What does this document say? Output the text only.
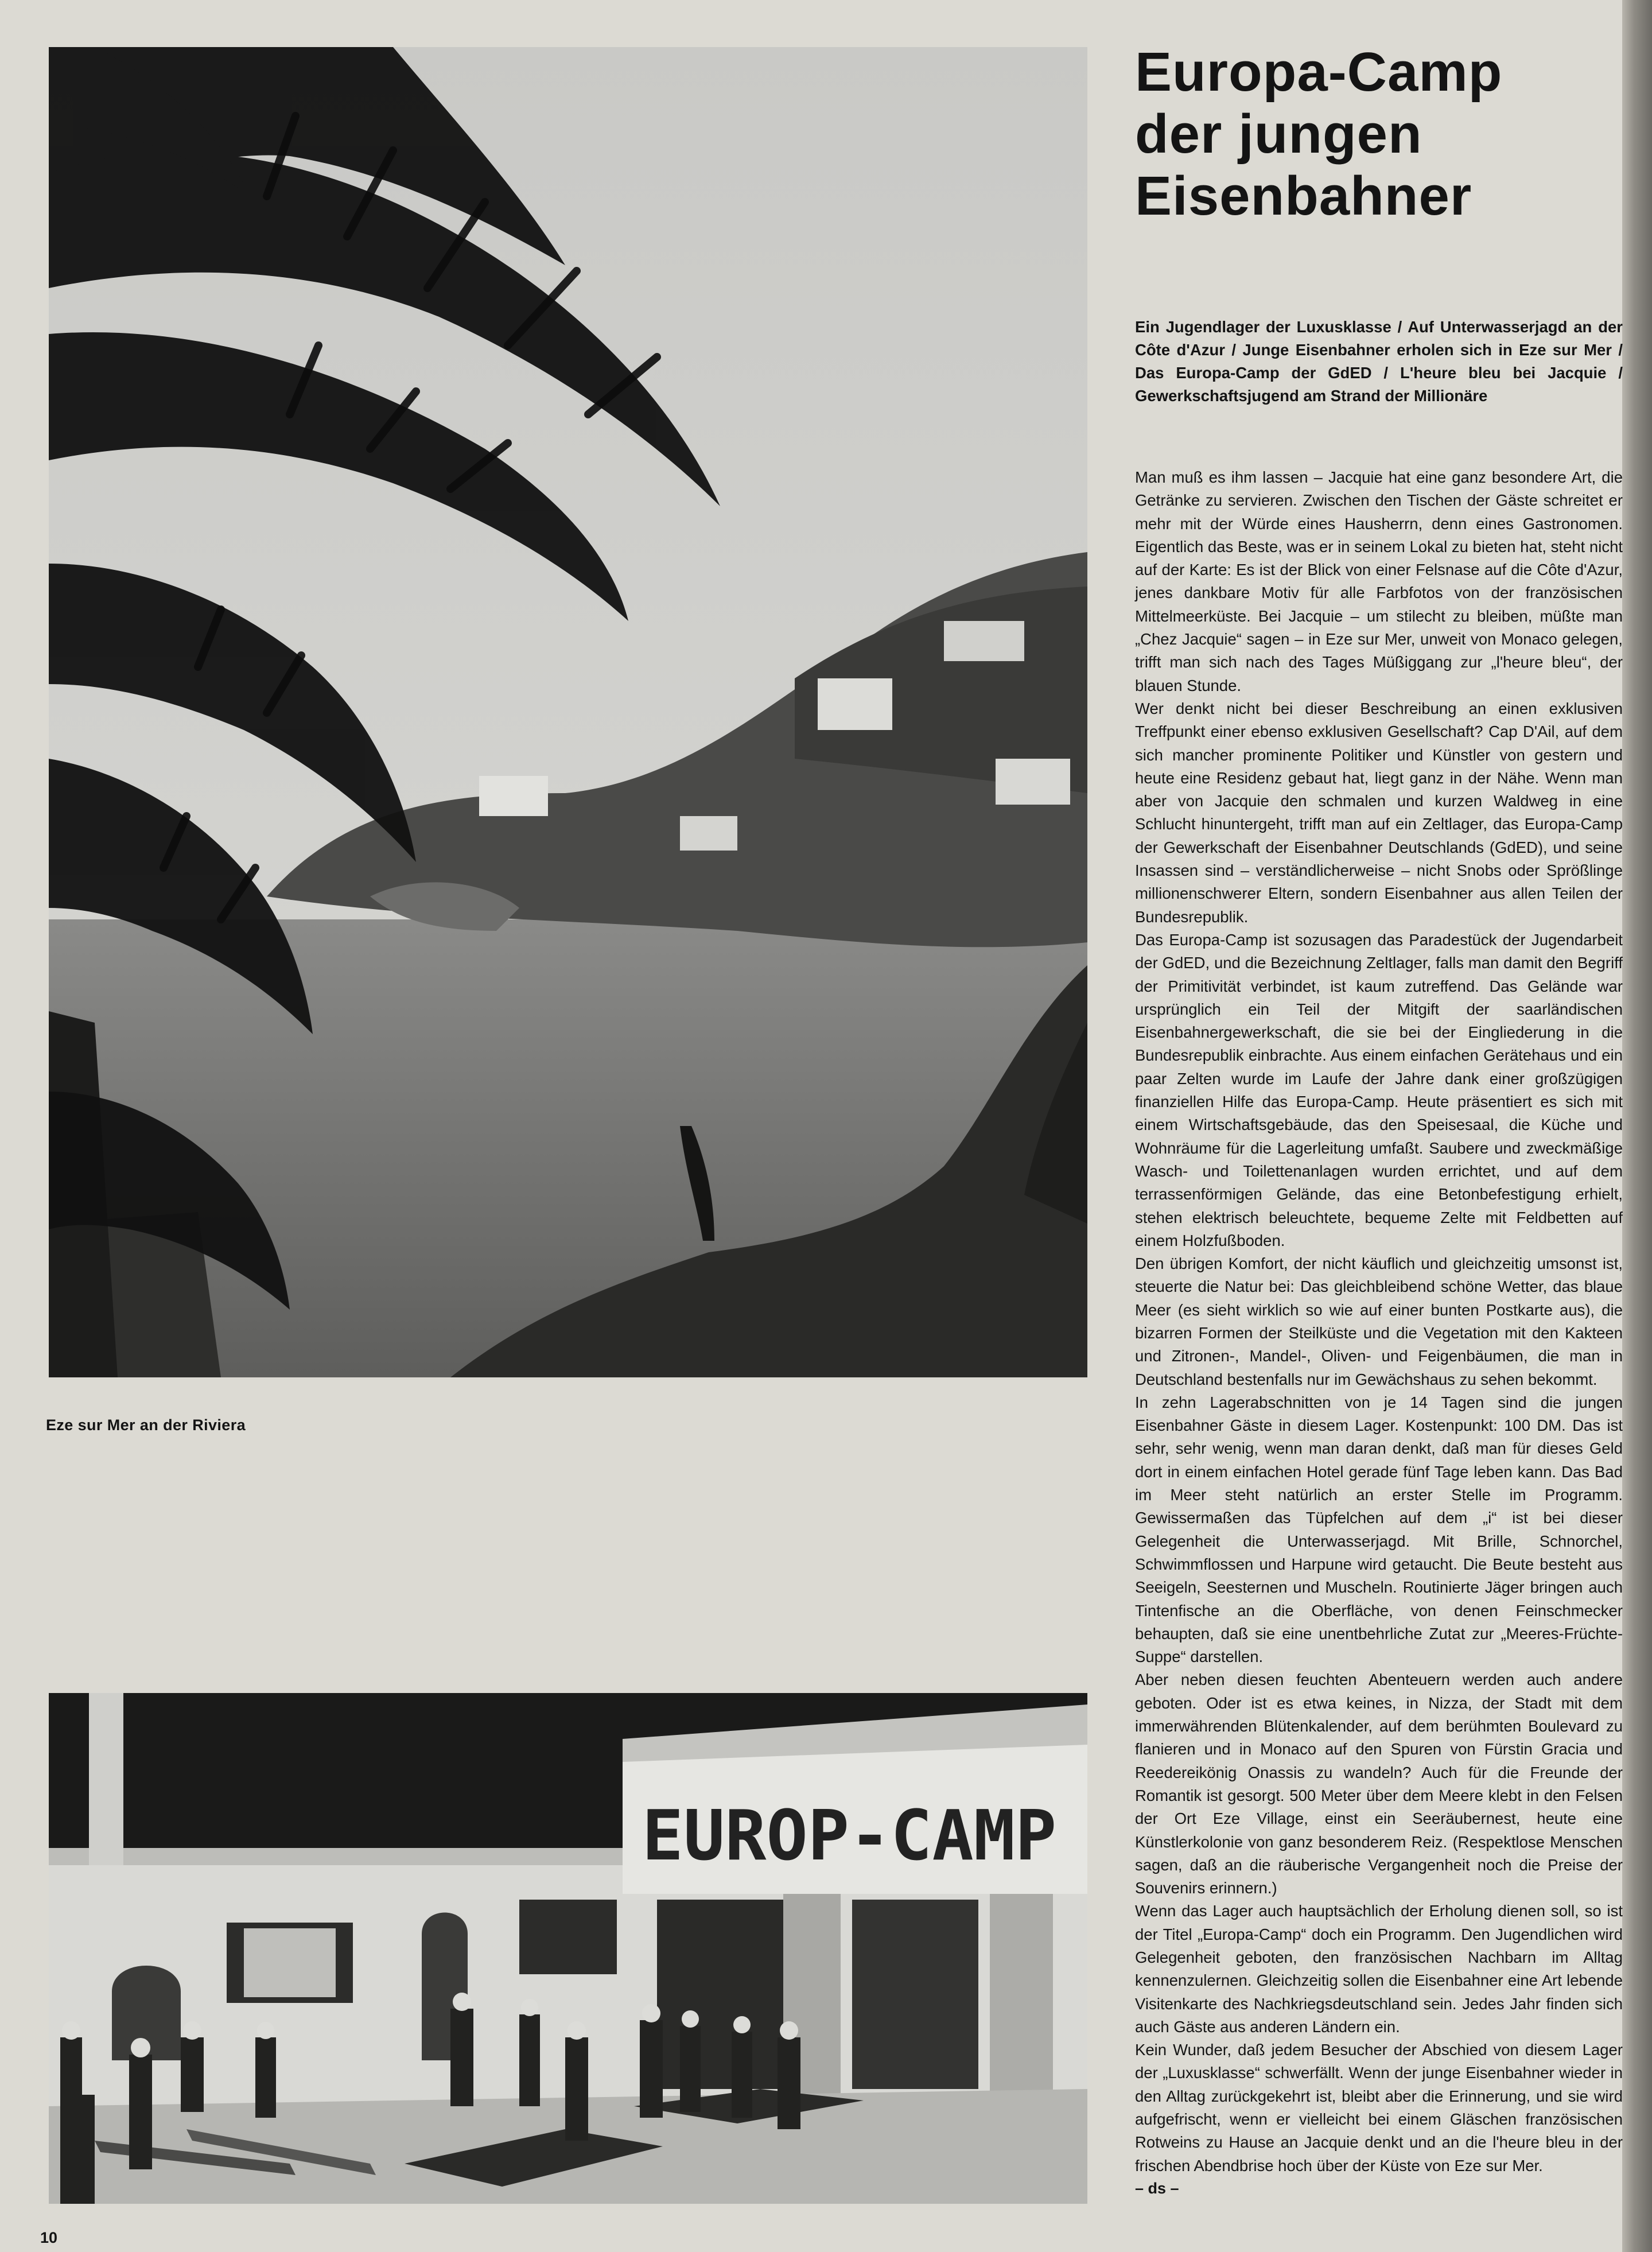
Eze sur Mer an der Riviera
EUROP-CAMP
Europa-Camp der jungen Eisenbahner

Ein Jugendlager der Luxusklasse / Auf Unterwasserjagd an der Côte d'Azur / Junge Eisenbahner erholen sich in Eze sur Mer / Das Europa-Camp der GdED / L'heure bleu bei Jacquie / Gewerkschaftsjugend am Strand der Millionäre

Man muß es ihm lassen – Jacquie hat eine ganz besondere Art, die Getränke zu servieren. Zwischen den Tischen der Gäste schreitet er mehr mit der Würde eines Hausherrn, denn eines Gastronomen. Eigentlich das Beste, was er in seinem Lokal zu bieten hat, steht nicht auf der Karte: Es ist der Blick von einer Felsnase auf die Côte d'Azur, jenes dankbare Motiv für alle Farbfotos von der französischen Mittelmeerküste. Bei Jacquie – um stilecht zu bleiben, müßte man „Chez Jacquie“ sagen – in Eze sur Mer, unweit von Monaco gelegen, trifft man sich nach des Tages Müßiggang zur „l'heure bleu“, der blauen Stunde.

Wer denkt nicht bei dieser Beschreibung an einen exklusiven Treffpunkt einer ebenso exklusiven Gesellschaft? Cap D'Ail, auf dem sich mancher prominente Politiker und Künstler von gestern und heute eine Residenz gebaut hat, liegt ganz in der Nähe. Wenn man aber von Jacquie den schmalen und kurzen Waldweg in eine Schlucht hinuntergeht, trifft man auf ein Zeltlager, das Europa-Camp der Gewerkschaft der Eisenbahner Deutschlands (GdED), und seine Insassen sind – verständlicherweise – nicht Snobs oder Sprößlinge millionenschwerer Eltern, sondern Eisenbahner aus allen Teilen der Bundesrepublik.

Das Europa-Camp ist sozusagen das Paradestück der Jugendarbeit der GdED, und die Bezeichnung Zeltlager, falls man damit den Begriff der Primitivität verbindet, ist kaum zutreffend. Das Gelände war ursprünglich ein Teil der Mitgift der saarländischen Eisenbahnergewerkschaft, die sie bei der Eingliederung in die Bundesrepublik einbrachte. Aus einem einfachen Gerätehaus und ein paar Zelten wurde im Laufe der Jahre dank einer großzügigen finanziellen Hilfe das Europa-Camp. Heute präsentiert es sich mit einem Wirtschaftsgebäude, das den Speisesaal, die Küche und Wohnräume für die Lagerleitung umfaßt. Saubere und zweckmäßige Wasch- und Toilettenanlagen wurden errichtet, und auf dem terrassenförmigen Gelände, das eine Betonbefestigung erhielt, stehen elektrisch beleuchtete, bequeme Zelte mit Feldbetten auf einem Holzfußboden.

Den übrigen Komfort, der nicht käuflich und gleichzeitig umsonst ist, steuerte die Natur bei: Das gleichbleibend schöne Wetter, das blaue Meer (es sieht wirklich so wie auf einer bunten Postkarte aus), die bizarren Formen der Steilküste und die Vegetation mit den Kakteen und Zitronen-, Mandel-, Oliven- und Feigenbäumen, die man in Deutschland bestenfalls nur im Gewächshaus zu sehen bekommt.

In zehn Lagerabschnitten von je 14 Tagen sind die jungen Eisenbahner Gäste in diesem Lager. Kostenpunkt: 100 DM. Das ist sehr, sehr wenig, wenn man daran denkt, daß man für dieses Geld dort in einem einfachen Hotel gerade fünf Tage leben kann. Das Bad im Meer steht natürlich an erster Stelle im Programm. Gewissermaßen das Tüpfelchen auf dem „i“ ist bei dieser Gelegenheit die Unterwasserjagd. Mit Brille, Schnorchel, Schwimmflossen und Harpune wird getaucht. Die Beute besteht aus Seeigeln, Seesternen und Muscheln. Routinierte Jäger bringen auch Tintenfische an die Oberfläche, von denen Feinschmecker behaupten, daß sie eine unentbehrliche Zutat zur „Meeres-Früchte-Suppe“ darstellen.

Aber neben diesen feuchten Abenteuern werden auch andere geboten. Oder ist es etwa keines, in Nizza, der Stadt mit dem immerwährenden Blütenkalender, auf dem berühmten Boulevard zu flanieren und in Monaco auf den Spuren von Fürstin Gracia und Reedereikönig Onassis zu wandeln? Auch für die Freunde der Romantik ist gesorgt. 500 Meter über dem Meere klebt in den Felsen der Ort Eze Village, einst ein Seeräubernest, heute eine Künstlerkolonie von ganz besonderem Reiz. (Respektlose Menschen sagen, daß an die räuberische Vergangenheit noch die Preise der Souvenirs erinnern.)

Wenn das Lager auch hauptsächlich der Erholung dienen soll, so ist der Titel „Europa-Camp“ doch ein Programm. Den Jugendlichen wird Gelegenheit geboten, den französischen Nachbarn im Alltag kennenzulernen. Gleichzeitig sollen die Eisenbahner eine Art lebende Visitenkarte des Nachkriegsdeutschland sein. Jedes Jahr finden sich auch Gäste aus anderen Ländern ein.

Kein Wunder, daß jedem Besucher der Abschied von diesem Lager der „Luxusklasse“ schwerfällt. Wenn der junge Eisenbahner wieder in den Alltag zurückgekehrt ist, bleibt aber die Erinnerung, und sie wird aufgefrischt, wenn er vielleicht bei einem Gläschen französischen Rotweins zu Hause an Jacquie denkt und an die l'heure bleu in der frischen Abendbrise hoch über der Küste von Eze sur Mer.

– ds –
10
